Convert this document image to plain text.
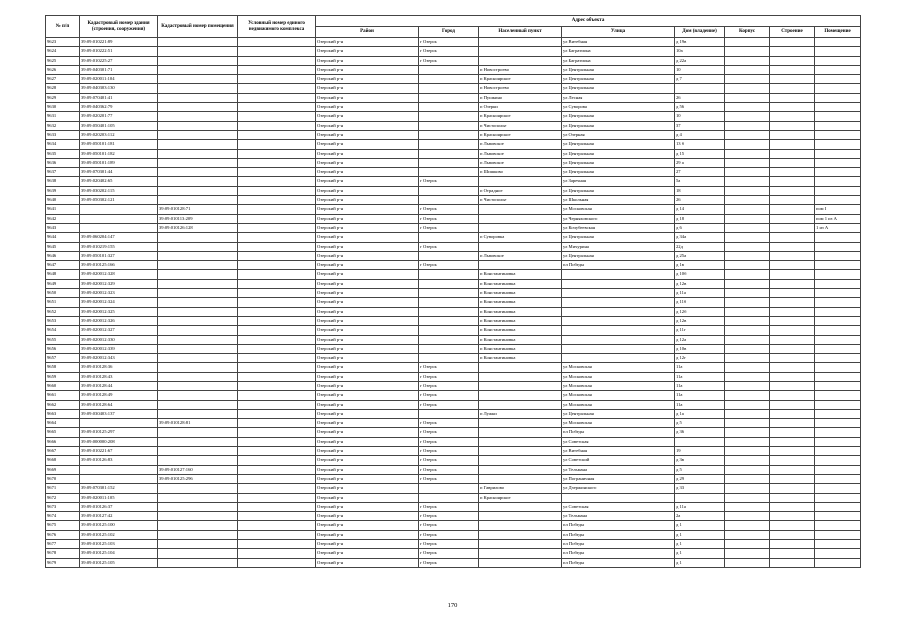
№ п/п	Кадастровый номер здания (строения, сооружения)	Кадастровый номер помещения	Условный номер единого недвижимого комплекса	Адрес объекта							
				Район	Город	Населенный пункт	Улица	Дом (владение)	Корпус	Строение	Помещение
9623	39:09:010221:89			Озерский р-н	г Озерск		ул Витебная	д 19в			
9624	39:09:010222:51			Озерский р-н	г Озерск		ул Багратиона	10а			
9625	39:09:010225:27			Озерский р-н	г Озерск		ул Багратиона	д 22а			
9626	39:09:040301:71			Озерский р-н		п Новостроево	ул Центральная	10			
9627	39:09:020011:104			Озерский р-н		п Красноярское	ул Центральная	д 7			
9628	39:09:040303:130			Озерский р-н		п Новостроево	ул Центральная				
9629	39:09:070401:41			Озерский р-н		п Пушкино	ул Лесная	26			
9630	39:09:040362:79			Озерский р-н		п Озерки	ул Суворова	д 56			
9631	39:09:020201:77			Озерский р-н		п Красноярское	ул Центральная	10			
9632	39:09:050401:105			Озерский р-н		п Чистополье	ул Центральная	37			
9633	39:09:020203:112			Озерский р-н		п Красноярское	ул Озерная	д 4			
9634	39:09:050101:181			Озерский р-н		п Львовское	ул Центральная	13 б			
9635	39:09:050101:182			Озерский р-н		п Львовское	ул Центральная	д 15			
9636	39:09:050101:189			Озерский р-н		п Львовское	ул Центральная	29 а			
9637	39:09:070301:44			Озерский р-н		п Шишково	ул Центральная	27			
9638	39:09:020402:65			Озерский р-н	г Озерск		ул Заречная	5а			
9639	39:09:030202:115			Озерский р-н		п Отрадное	ул Центральная	18			
9640	39:09:050302:121			Озерский р-н		п Чистополье	ул Школьная	26			
9641		39:09:010128:71		Озерский р-н	г Озерск		ул Московская	д 14			пом I
9642		39:09:010113:209		Озерский р-н	г Озерск		ул Черняховского	д 18			пом 1 из А
9643		39:09:010126:128		Озерский р-н	г Озерск		ул Кочубеевская	д 6			1 из А
9644	39:09:060204:147			Озерский р-н		п Суворовка	ул Центральная	д 34а			
9645	39:09:010219:155			Озерский р-н	г Озерск		ул Мичурина	22д			
9646	39:09:050101:327			Озерский р-н		п Львовское	ул Центральная	д 25а			
9647	39:09:010125:166			Озерский р-н	г Озерск		пл Победы	д 1в			
9648	39:09:020012:328			Озерский р-н		п Константиновка		д 10б			
9649	39:09:020012:329			Озерский р-н		п Константиновка		д 12в			
9650	39:09:020012:323			Озерский р-н		п Константиновка		д 11а			
9651	39:09:020012:324			Озерский р-н		п Константиновка		д 11б			
9652	39:09:020012:325			Озерский р-н		п Константиновка		д 12б			
9653	39:09:020012:326			Озерский р-н		п Константиновка		д 12в			
9654	39:09:020012:327			Озерский р-н		п Константиновка		д 11г			
9655	39:09:020012:330			Озерский р-н		п Константиновка		д 12а			
9656	39:09:020012:339			Озерский р-н		п Константиновка		д 10в			
9657	39:09:020012:343			Озерский р-н		п Константиновка		д 12г			
9658	39:09:010128:36			Озерский р-н	г Озерск		ул Московская	11а			
9659	39:09:010128:43			Озерский р-н	г Озерск		ул Московская	11а			
9660	39:09:010128:44			Озерский р-н	г Озерск		ул Московская	11а			
9661	39:09:010128:49			Озерский р-н	г Озерск		ул Московская	11а			
9662	39:09:010128:64			Озерский р-н	г Озерск		ул Московская	11а			
9663	39:09:030403:137			Озерский р-н		п Лужки	ул Центральная	д 1а			
9664		39:09:010128:81		Озерский р-н	г Озерск		ул Московская	д 5			
9665	39:09:010125:297			Озерский р-н	г Озерск		пл Победы	д 36			
9666	39:09:000000:208			Озерский р-н	г Озерск		ул Советская				
9667	39:09:010221:67			Озерский р-н	г Озерск		ул Витебная	19			
9668	39:09:010126:83			Озерский р-н	г Озерск		ул Советский	д 3в			
9669		39:09:010127:160		Озерский р-н	г Озерск		ул Тельмана	д 5			
9670		39:09:010125:296		Озерский р-н	г Озерск		ул Пограничная	д 29			
9671	39:09:070301:152			Озерский р-н		п Гавриловo	ул Дзержинского	д 33			
9672	39:09:020011:105			Озерский р-н		п Красноярское					
9673	39:09:010126:37			Озерский р-н	г Озерск		ул Советская	д 11а			
9674	39:09:010127:42			Озерский р-н	г Озерск		ул Тельмана	2а			
9675	39:09:010125:100			Озерский р-н	г Озерск		пл Победы	д 1			
9676	39:09:010125:102			Озерский р-н	г Озерск		пл Победы	д 1			
9677	39:09:010125:103			Озерский р-н	г Озерск		пл Победы	д 1			
9678	39:09:010125:104			Озерский р-н	г Озерск		пл Победы	д 1			
9679	39:09:010125:105			Озерский р-н	г Озерск		пл Победы	д 1			
170
